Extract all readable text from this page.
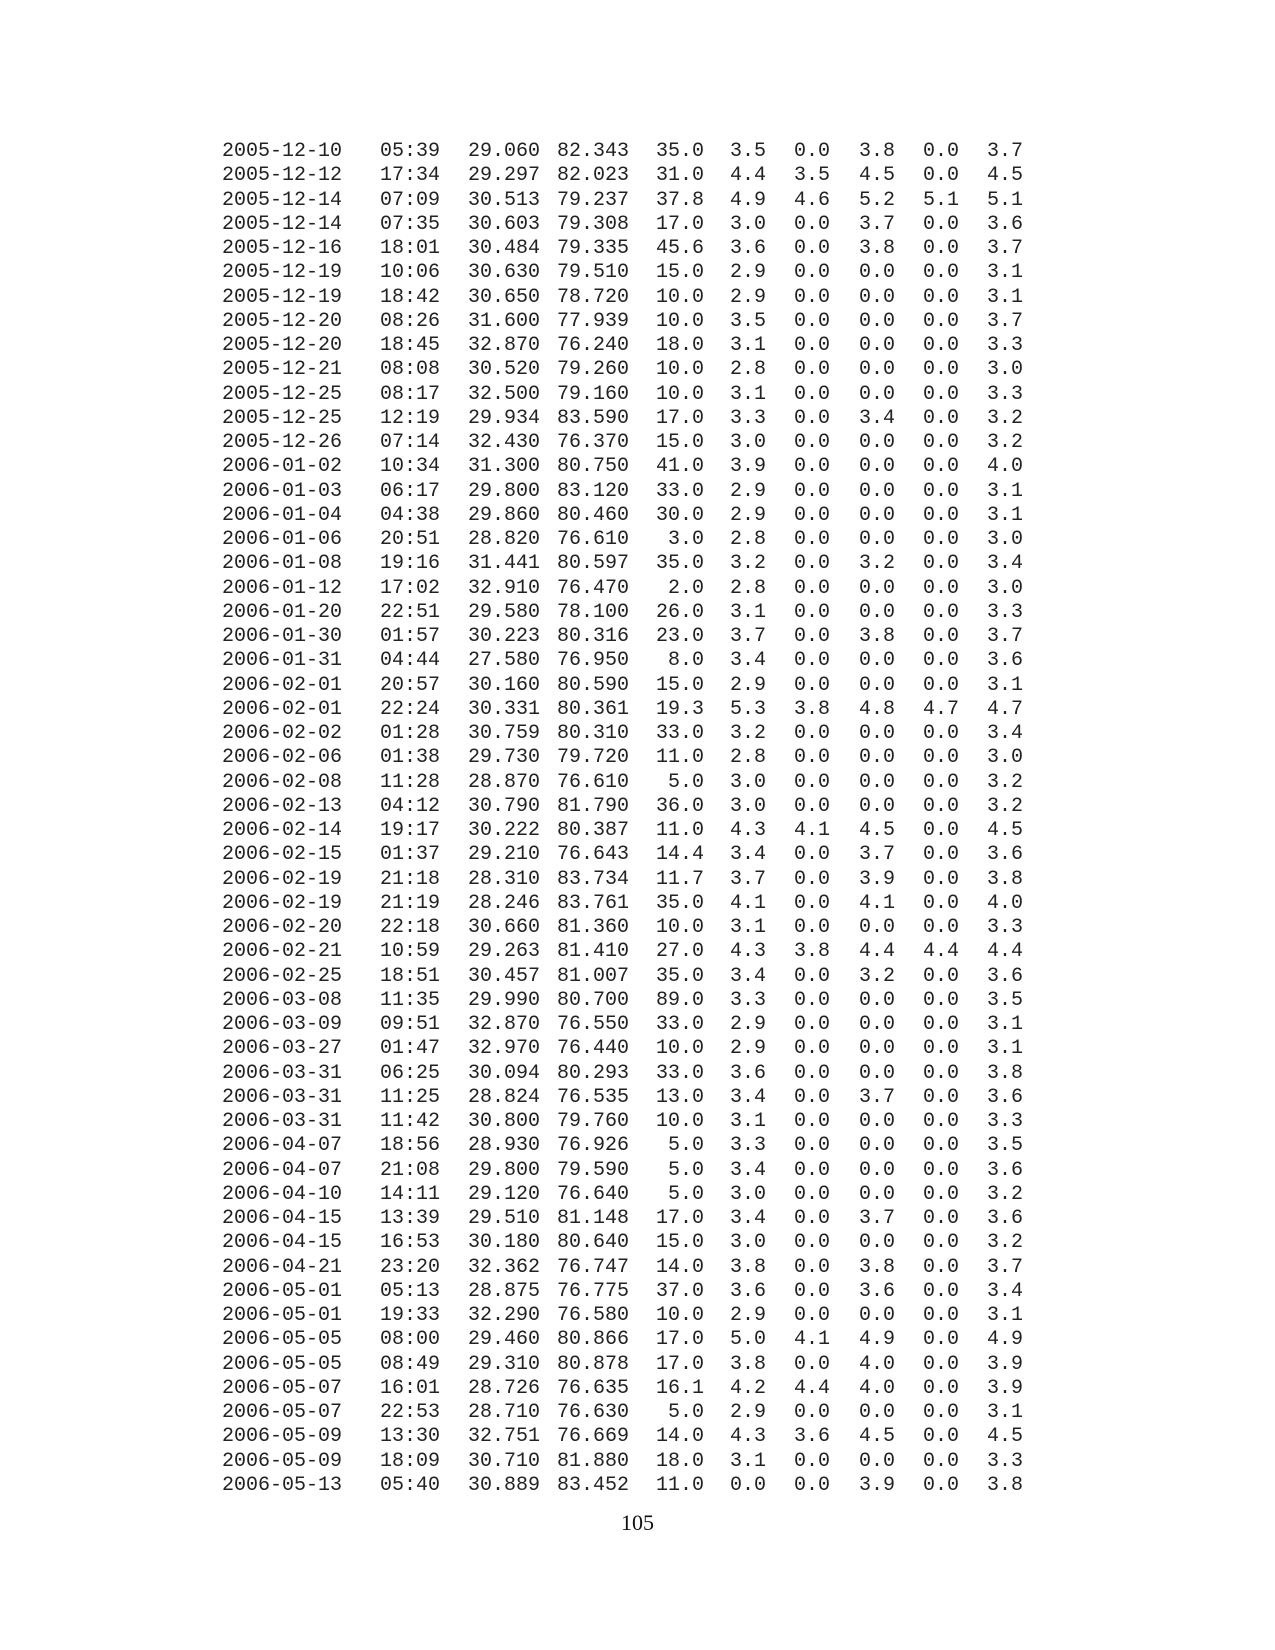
2005-12-10 05:39 29.060 82.343	35.0 3.5 0.0 3.8 0.0 3.7
2005-12-12 17:34 29.297 82.023	31.0 4.4 3.5 4.5 0.0 4.5
2005-12-14 07:09 30.513 79.237	37.8 4.9 4.6 5.2 5.1 5.1
2005-12-14 07:35 30.603 79.308	17.0 3.0 0.0 3.7 0.0 3.6
2005-12-16 18:01 30.484 79.335	45.6 3.6 0.0 3.8 0.0 3.7
2005-12-19 10:06 30.630 79.510	15.0 2.9 0.0 0.0 0.0 3.1
2005-12-19 18:42 30.650 78.720	10.0 2.9 0.0 0.0 0.0 3.1
2005-12-20 08:26 31.600 77.939	10.0 3.5 0.0 0.0 0.0 3.7
2005-12-20 18:45 32.870 76.240	18.0 3.1 0.0 0.0 0.0 3.3
2005-12-21 08:08 30.520 79.260	10.0 2.8 0.0 0.0 0.0 3.0
2005-12-25 08:17 32.500 79.160	10.0 3.1 0.0 0.0 0.0 3.3
2005-12-25 12:19 29.934 83.590	17.0 3.3 0.0 3.4 0.0 3.2
2005-12-26 07:14 32.430 76.370	15.0 3.0 0.0 0.0 0.0 3.2
2006-01-02 10:34 31.300 80.750	41.0 3.9 0.0 0.0 0.0 4.0
2006-01-03 06:17 29.800 83.120	33.0 2.9 0.0 0.0 0.0 3.1
2006-01-04 04:38 29.860 80.460	30.0 2.9 0.0 0.0 0.0 3.1
2006-01-06 20:51 28.820 76.610	3.0 2.8 0.0 0.0 0.0 3.0
2006-01-08 19:16 31.441 80.597	35.0 3.2 0.0 3.2 0.0 3.4
2006-01-12 17:02 32.910 76.470	2.0 2.8 0.0 0.0 0.0 3.0
2006-01-20 22:51 29.580 78.100	26.0 3.1 0.0 0.0 0.0 3.3
2006-01-30 01:57 30.223 80.316	23.0 3.7 0.0 3.8 0.0 3.7
2006-01-31 04:44 27.580 76.950	8.0 3.4 0.0 0.0 0.0 3.6
2006-02-01 20:57 30.160 80.590	15.0 2.9 0.0 0.0 0.0 3.1
2006-02-01 22:24 30.331 80.361	19.3 5.3 3.8 4.8 4.7 4.7
2006-02-02 01:28 30.759 80.310	33.0 3.2 0.0 0.0 0.0 3.4
2006-02-06 01:38 29.730 79.720	11.0 2.8 0.0 0.0 0.0 3.0
2006-02-08 11:28 28.870 76.610	5.0 3.0 0.0 0.0 0.0 3.2
2006-02-13 04:12 30.790 81.790	36.0 3.0 0.0 0.0 0.0 3.2
2006-02-14 19:17 30.222 80.387	11.0 4.3 4.1 4.5 0.0 4.5
2006-02-15 01:37 29.210 76.643	14.4 3.4 0.0 3.7 0.0 3.6
2006-02-19 21:18 28.310 83.734	11.7 3.7 0.0 3.9 0.0 3.8
2006-02-19 21:19 28.246 83.761	35.0 4.1 0.0 4.1 0.0 4.0
2006-02-20 22:18 30.660 81.360	10.0 3.1 0.0 0.0 0.0 3.3
2006-02-21 10:59 29.263 81.410	27.0 4.3 3.8 4.4 4.4 4.4
2006-02-25 18:51 30.457 81.007	35.0 3.4 0.0 3.2 0.0 3.6
2006-03-08 11:35 29.990 80.700	89.0 3.3 0.0 0.0 0.0 3.5
2006-03-09 09:51 32.870 76.550	33.0 2.9 0.0 0.0 0.0 3.1
2006-03-27 01:47 32.970 76.440	10.0 2.9 0.0 0.0 0.0 3.1
2006-03-31 06:25 30.094 80.293	33.0 3.6 0.0 0.0 0.0 3.8
2006-03-31 11:25 28.824 76.535	13.0 3.4 0.0 3.7 0.0 3.6
2006-03-31 11:42 30.800 79.760	10.0 3.1 0.0 0.0 0.0 3.3
2006-04-07 18:56 28.930 76.926	5.0 3.3 0.0 0.0 0.0 3.5
2006-04-07 21:08 29.800 79.590	5.0 3.4 0.0 0.0 0.0 3.6
2006-04-10 14:11 29.120 76.640	5.0 3.0 0.0 0.0 0.0 3.2
2006-04-15 13:39 29.510 81.148	17.0 3.4 0.0 3.7 0.0 3.6
2006-04-15 16:53 30.180 80.640	15.0 3.0 0.0 0.0 0.0 3.2
2006-04-21 23:20 32.362 76.747	14.0 3.8 0.0 3.8 0.0 3.7
2006-05-01 05:13 28.875 76.775	37.0 3.6 0.0 3.6 0.0 3.4
2006-05-01 19:33 32.290 76.580	10.0 2.9 0.0 0.0 0.0 3.1
2006-05-05 08:00 29.460 80.866	17.0 5.0 4.1 4.9 0.0 4.9
2006-05-05 08:49 29.310 80.878	17.0 3.8 0.0 4.0 0.0 3.9
2006-05-07 16:01 28.726 76.635	16.1 4.2 4.4 4.0 0.0 3.9
2006-05-07 22:53 28.710 76.630	5.0 2.9 0.0 0.0 0.0 3.1
2006-05-09 13:30 32.751 76.669	14.0 4.3 3.6 4.5 0.0 4.5
2006-05-09 18:09 30.710 81.880	18.0 3.1 0.0 0.0 0.0 3.3
2006-05-13 05:40 30.889 83.452	11.0 0.0 0.0 3.9 0.0 3.8
105
